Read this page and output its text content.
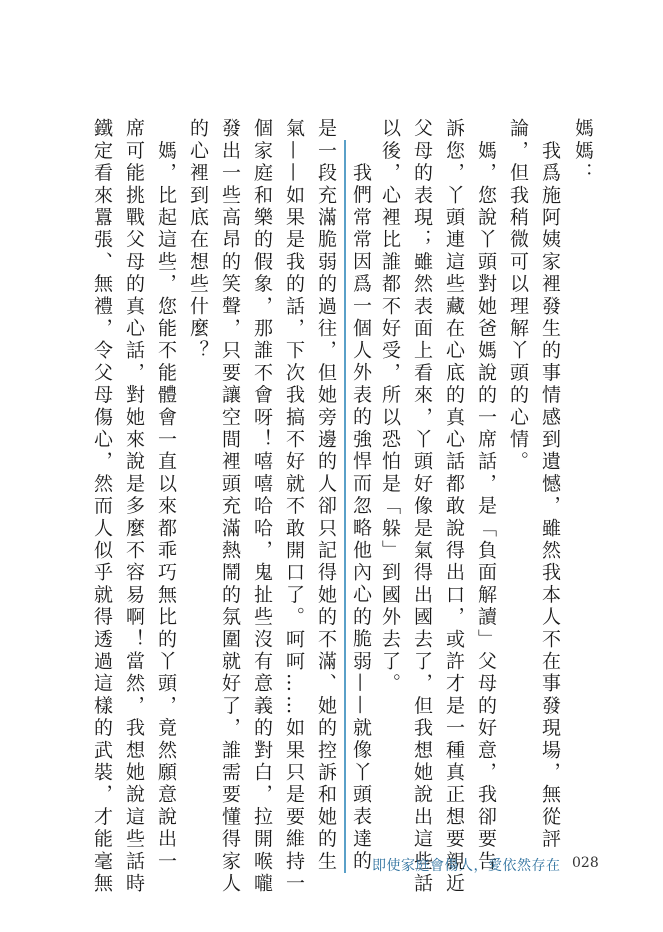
媽媽：
　我爲施阿姨家裡發生的事情感到遺憾，雖然我本人不在事發現場，無從評
論，但我稍微可以理解丫頭的心情。
　媽，您說丫頭對她爸媽說的一席話，是「負面解讀」父母的好意，我卻要告
訴您，丫頭連這些藏在心底的真心話都敢說得出口，或許才是一種真正想要親近
父母的表現；雖然表面上看來，丫頭好像是氣得出國去了，但我想她說出這些話
以後，心裡比誰都不好受，所以恐怕是「躲」到國外去了。
　我們常常因爲一個人外表的強悍而忽略他內心的脆弱——就像丫頭表達的
是一段充滿脆弱的過往，但她旁邊的人卻只記得她的不滿、她的控訴和她的生
氣——如果是我的話，下次我搞不好就不敢開口了。呵呵……如果只是要維持一
個家庭和樂的假象，那誰不會呀！嘻嘻哈哈，鬼扯些沒有意義的對白，拉開喉嚨
發出一些高昂的笑聲，只要讓空間裡頭充滿熱鬧的氛圍就好了，誰需要懂得家人
的心裡到底在想些什麼？
　媽，比起這些，您能不能體會一直以來都乖巧無比的丫頭，竟然願意說出一
席可能挑戰父母的真心話，對她來說是多麼不容易啊！當然，我想她說這些話時
鐵定看來囂張、無禮，令父母傷心，然而人似乎就得透過這樣的武裝，才能毫無	即使家庭會傷人，愛依然存在 028
